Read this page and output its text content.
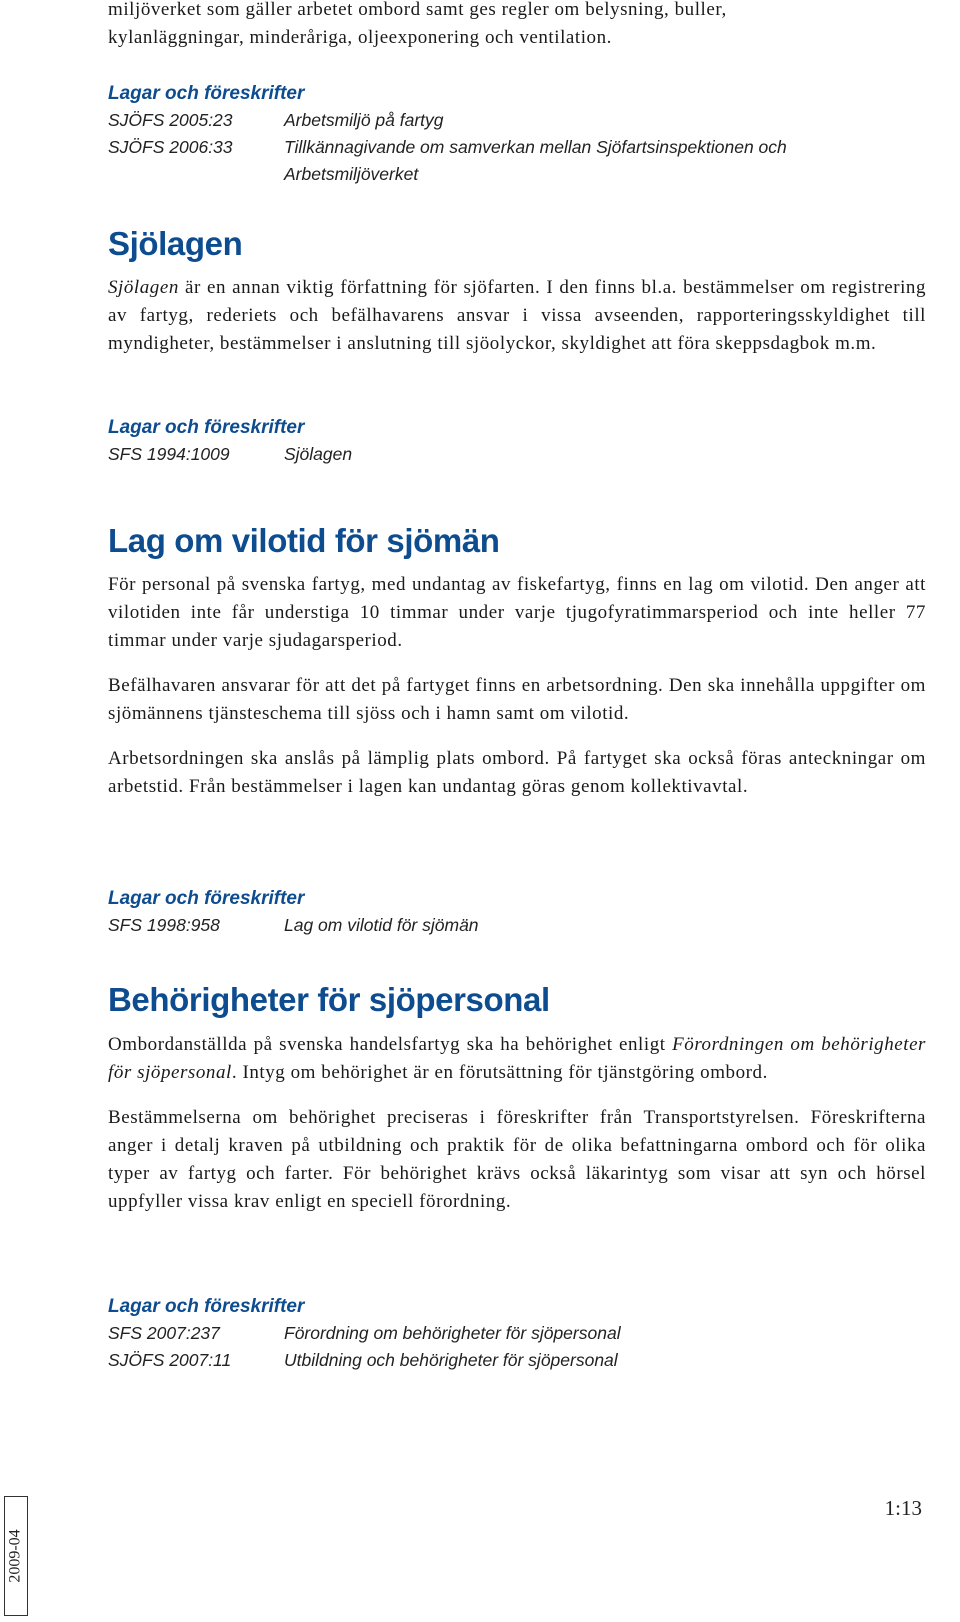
miljöverket som gäller arbetet ombord samt ges regler om belysning, buller,
kylanläggningar, minderåriga, oljeexponering och ventilation.

Lagar och föreskrifter

SJÖFS 2005:23	Arbetsmiljö på fartyg
SJÖFS 2006:33	Tillkännagivande om samverkan mellan Sjöfartsinspektionen och
Arbetsmiljöverket
Sjölagen

Sjölagen är en annan viktig författning för sjöfarten. I den finns bl.a. bestämmelser om registrering av fartyg, rederiets och befälhavarens ansvar i vissa avseenden, rapporteringsskyldighet till myndigheter, bestämmelser i anslutning till sjöolyckor, skyldighet att föra skeppsdagbok m.m.

Lagar och föreskrifter

SFS 1994:1009	Sjölagen
Lag om vilotid för sjömän

För personal på svenska fartyg, med undantag av fiskefartyg, finns en lag om vilotid. Den anger att vilotiden inte får understiga 10 timmar under varje tjugofyratimmarsperiod och inte heller 77 timmar under varje sjudagarsperiod.

Befälhavaren ansvarar för att det på fartyget finns en arbetsordning. Den ska innehålla uppgifter om sjömännens tjänsteschema till sjöss och i hamn samt om vilotid.

Arbetsordningen ska anslås på lämplig plats ombord. På fartyget ska också föras anteckningar om arbetstid. Från bestämmelser i lagen kan undantag göras genom kollektivavtal.

Lagar och föreskrifter

SFS 1998:958	Lag om vilotid för sjömän
Behörigheter för sjöpersonal

Ombordanställda på svenska handelsfartyg ska ha behörighet enligt Förordningen om behörigheter för sjöpersonal. Intyg om behörighet är en förutsättning för tjänstgöring ombord.

Bestämmelserna om behörighet preciseras i föreskrifter från Transportstyrelsen. Föreskrifterna anger i detalj kraven på utbildning och praktik för de olika befattningarna ombord och för olika typer av fartyg och farter. För behörighet krävs också läkarintyg som visar att syn och hörsel uppfyller vissa krav enligt en speciell förordning.

Lagar och föreskrifter

SFS 2007:237	Förordning om behörigheter för sjöpersonal
SJÖFS 2007:11	Utbildning och behörigheter för sjöpersonal
2009-04
1:13
